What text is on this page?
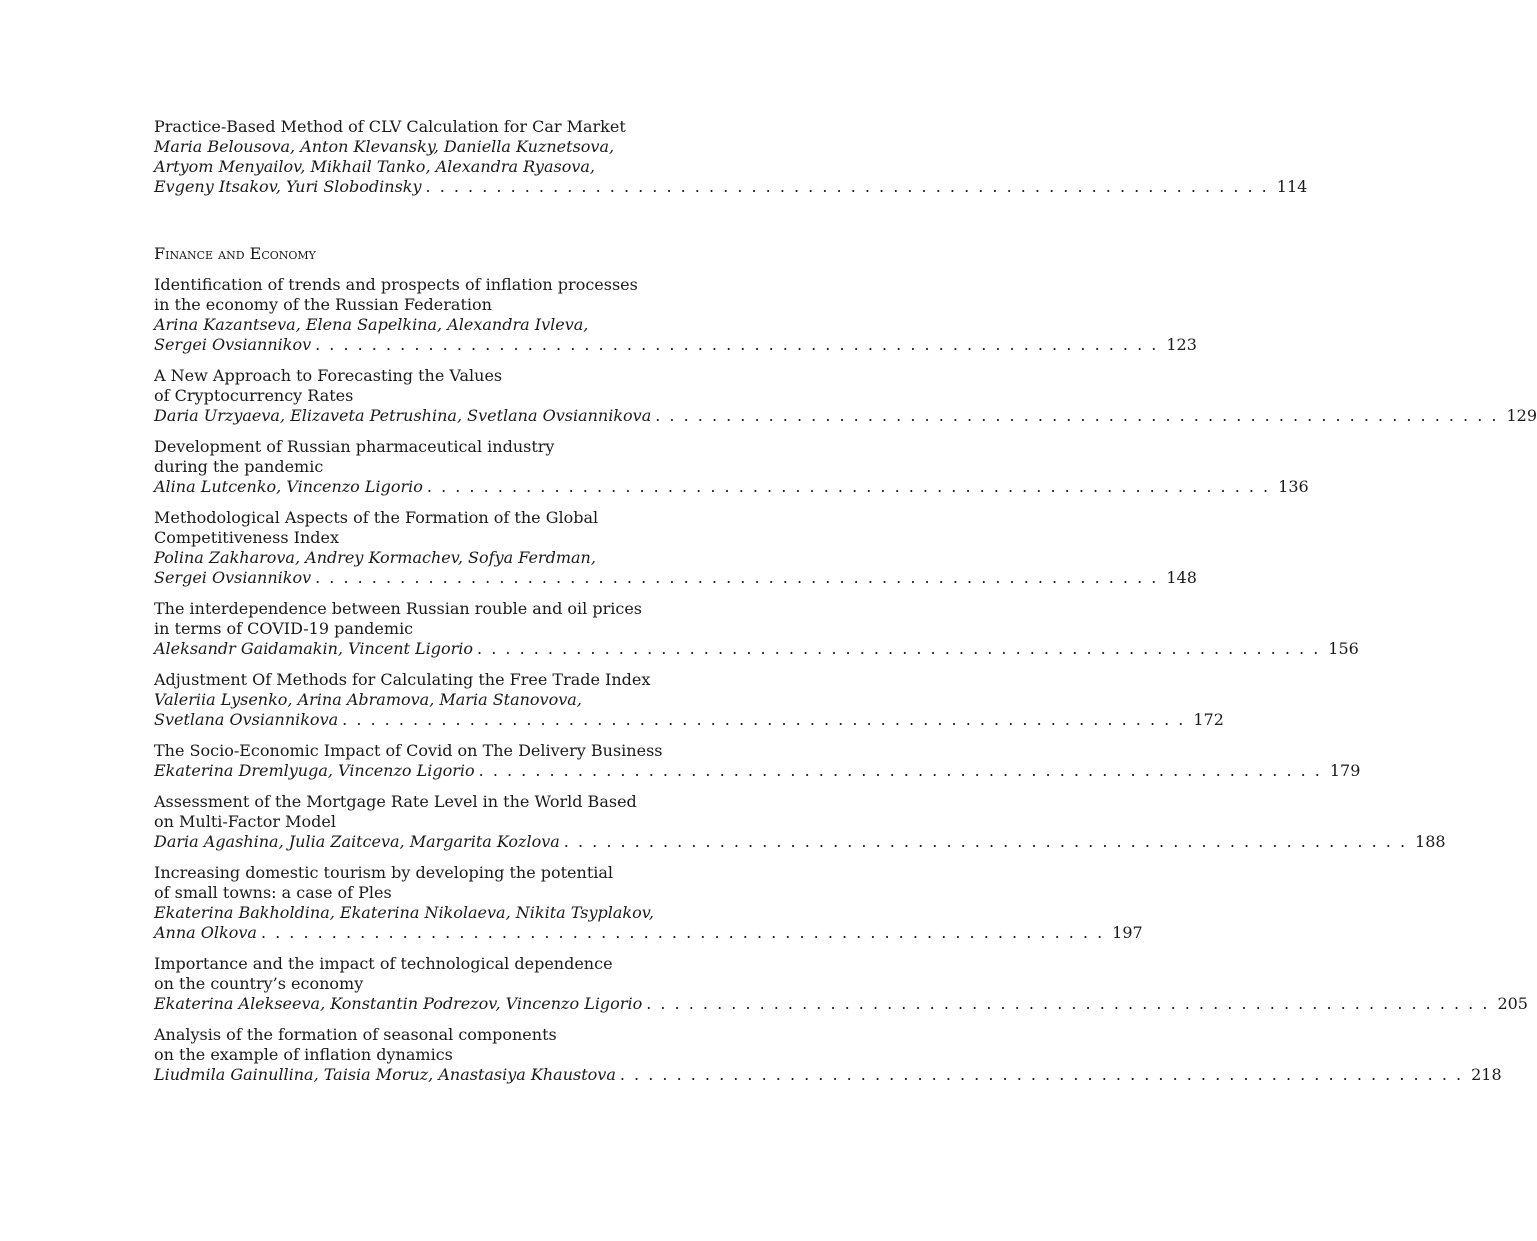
Practice-Based Method of CLV Calculation for Car Market
Maria Belousova, Anton Klevansky, Daniella Kuznetsova,
Artyom Menyailov, Mikhail Tanko, Alexandra Ryasova,
Evgeny Itsakov, Yuri Slobodinsky . . . . . . . . . . . . . . . . . . . . . . . . . . . . . . . . . . . . . . . . . . . . . . . . . . . . . . . . . . . . 114
Finance and Economy
Identification of trends and prospects of inflation processes
in the economy of the Russian Federation
Arina Kazantseva, Elena Sapelkina, Alexandra Ivleva,
Sergei Ovsiannikov . . . . . . . . . . . . . . . . . . . . . . . . . . . . . . . . . . . . . . . . . . . . . . . . . . . . . . . . . . . . 123
A New Approach to Forecasting the Values
of Cryptocurrency Rates
Daria Urzyaeva, Elizaveta Petrushina, Svetlana Ovsiannikova . . . . . . . . . . . . . . . . . . . . . . . . . . . . . . . . . . . . . . . . . . . . . . . . . . . . . . . . . . . . 129
Development of Russian pharmaceutical industry
during the pandemic
Alina Lutcenko, Vincenzo Ligorio . . . . . . . . . . . . . . . . . . . . . . . . . . . . . . . . . . . . . . . . . . . . . . . . . . . . . . . . . . . . 136
Methodological Aspects of the Formation of the Global
Competitiveness Index
Polina Zakharova, Andrey Kormachev, Sofya Ferdman,
Sergei Ovsiannikov . . . . . . . . . . . . . . . . . . . . . . . . . . . . . . . . . . . . . . . . . . . . . . . . . . . . . . . . . . . . 148
The interdependence between Russian rouble and oil prices
in terms of COVID-19 pandemic
Aleksandr Gaidamakin, Vincent Ligorio . . . . . . . . . . . . . . . . . . . . . . . . . . . . . . . . . . . . . . . . . . . . . . . . . . . . . . . . . . . . 156
Adjustment Of Methods for Calculating the Free Trade Index
Valeriia Lysenko, Arina Abramova, Maria Stanovova,
Svetlana Ovsiannikova . . . . . . . . . . . . . . . . . . . . . . . . . . . . . . . . . . . . . . . . . . . . . . . . . . . . . . . . . . . . 172
The Socio-Economic Impact of Covid on The Delivery Business
Ekaterina Dremlyuga, Vincenzo Ligorio . . . . . . . . . . . . . . . . . . . . . . . . . . . . . . . . . . . . . . . . . . . . . . . . . . . . . . . . . . . . 179
Assessment of the Mortgage Rate Level in the World Based
on Multi-Factor Model
Daria Agashina, Julia Zaitceva, Margarita Kozlova . . . . . . . . . . . . . . . . . . . . . . . . . . . . . . . . . . . . . . . . . . . . . . . . . . . . . . . . . . . . 188
Increasing domestic tourism by developing the potential
of small towns: a case of Ples
Ekaterina Bakholdina, Ekaterina Nikolaeva, Nikita Tsyplakov,
Anna Olkova . . . . . . . . . . . . . . . . . . . . . . . . . . . . . . . . . . . . . . . . . . . . . . . . . . . . . . . . . . . . 197
Importance and the impact of technological dependence
on the country’s economy
Ekaterina Alekseeva, Konstantin Podrezov, Vincenzo Ligorio . . . . . . . . . . . . . . . . . . . . . . . . . . . . . . . . . . . . . . . . . . . . . . . . . . . . . . . . . . . . 205
Analysis of the formation of seasonal components
on the example of inflation dynamics
Liudmila Gainullina, Taisia Moruz, Anastasiya Khaustova . . . . . . . . . . . . . . . . . . . . . . . . . . . . . . . . . . . . . . . . . . . . . . . . . . . . . . . . . . . . 218
